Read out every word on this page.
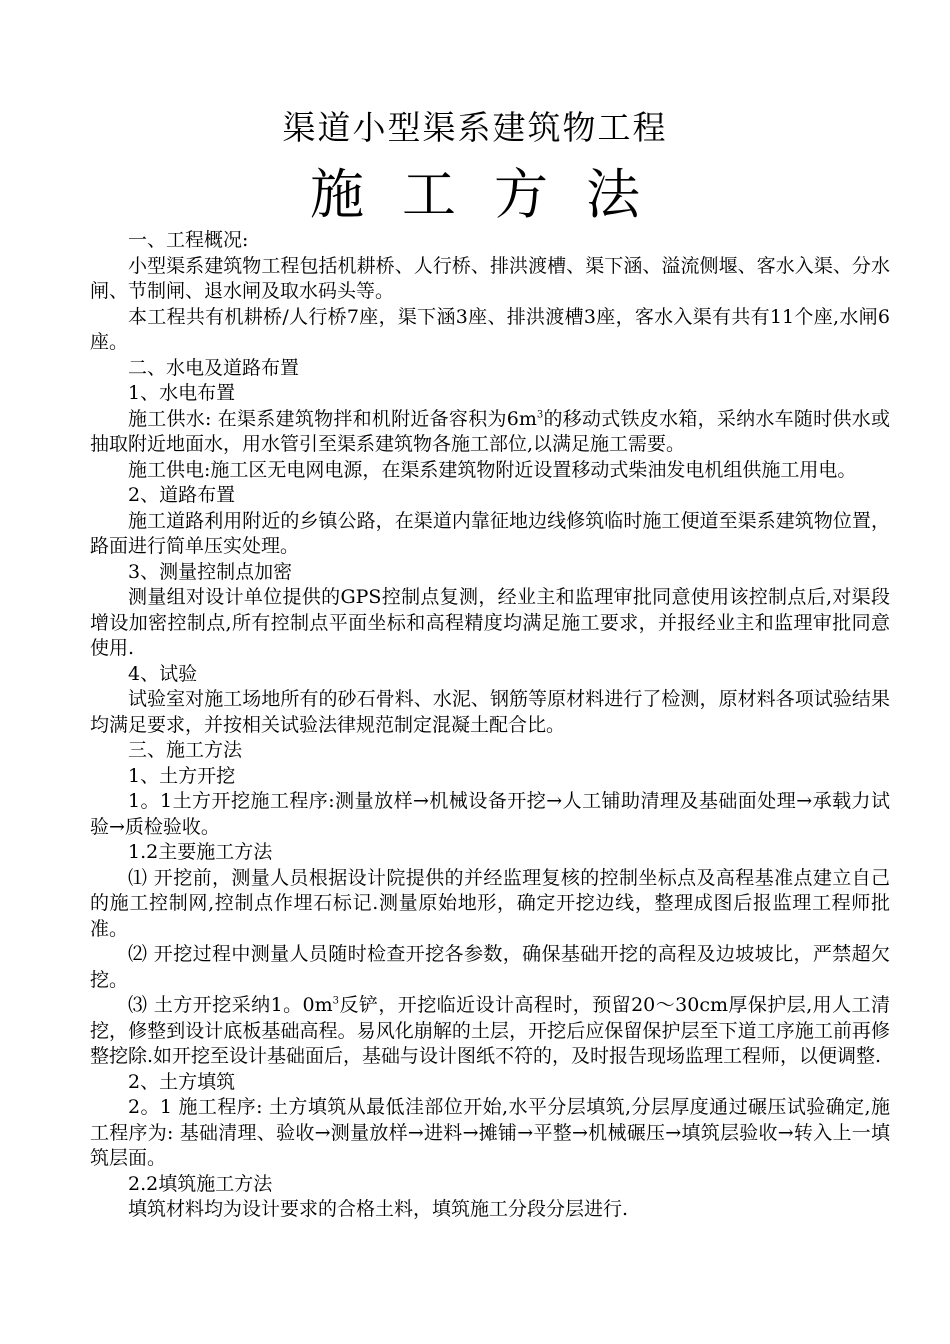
渠道小型渠系建筑物工程
施工方法

一、工程概况:

小型渠系建筑物工程包括机耕桥、人行桥、排洪渡槽、渠下涵、溢流侧堰、客水入渠、分水闸、节制闸、退水闸及取水码头等。

本工程共有机耕桥/人行桥7座，渠下涵3座、排洪渡槽3座，客水入渠有共有11个座,水闸6座。

二、水电及道路布置

1、水电布置

施工供水: 在渠系建筑物拌和机附近备容积为$6m^3$的移动式铁皮水箱，采纳水车随时供水或抽取附近地面水，用水管引至渠系建筑物各施工部位,以满足施工需要。

施工供电:施工区无电网电源，在渠系建筑物附近设置移动式柴油发电机组供施工用电。

2、道路布置

施工道路利用附近的乡镇公路，在渠道内靠征地边线修筑临时施工便道至渠系建筑物位置，路面进行简单压实处理。

3、测量控制点加密

测量组对设计单位提供的GPS控制点复测，经业主和监理审批同意使用该控制点后,对渠段增设加密控制点,所有控制点平面坐标和高程精度均满足施工要求，并报经业主和监理审批同意使用.

4、试验

试验室对施工场地所有的砂石骨料、水泥、钢筋等原材料进行了检测，原材料各项试验结果均满足要求，并按相关试验法律规范制定混凝土配合比。

三、施工方法

1、土方开挖

1。1土方开挖施工程序:测量放样→机械设备开挖→人工铺助清理及基础面处理→承载力试验→质检验收。

1.2主要施工方法

⑴ 开挖前，测量人员根据设计院提供的并经监理复核的控制坐标点及高程基准点建立自己的施工控制网,控制点作埋石标记.测量原始地形，确定开挖边线，整理成图后报监理工程师批准。

⑵ 开挖过程中测量人员随时检查开挖各参数，确保基础开挖的高程及边坡坡比，严禁超欠挖。

⑶ 土方开挖采纳1。$0m^3$反铲，开挖临近设计高程时，预留20～30cm厚保护层,用人工清挖，修整到设计底板基础高程。易风化崩解的土层，开挖后应保留保护层至下道工序施工前再修整挖除.如开挖至设计基础面后，基础与设计图纸不符的，及时报告现场监理工程师，以便调整.

2、土方填筑

2。1 施工程序: 土方填筑从最低洼部位开始,水平分层填筑,分层厚度通过碾压试验确定,施工程序为: 基础清理、验收→测量放样→进料→摊铺→平整→机械碾压→填筑层验收→转入上一填筑层面。

2.2填筑施工方法

填筑材料均为设计要求的合格土料，填筑施工分段分层进行.
